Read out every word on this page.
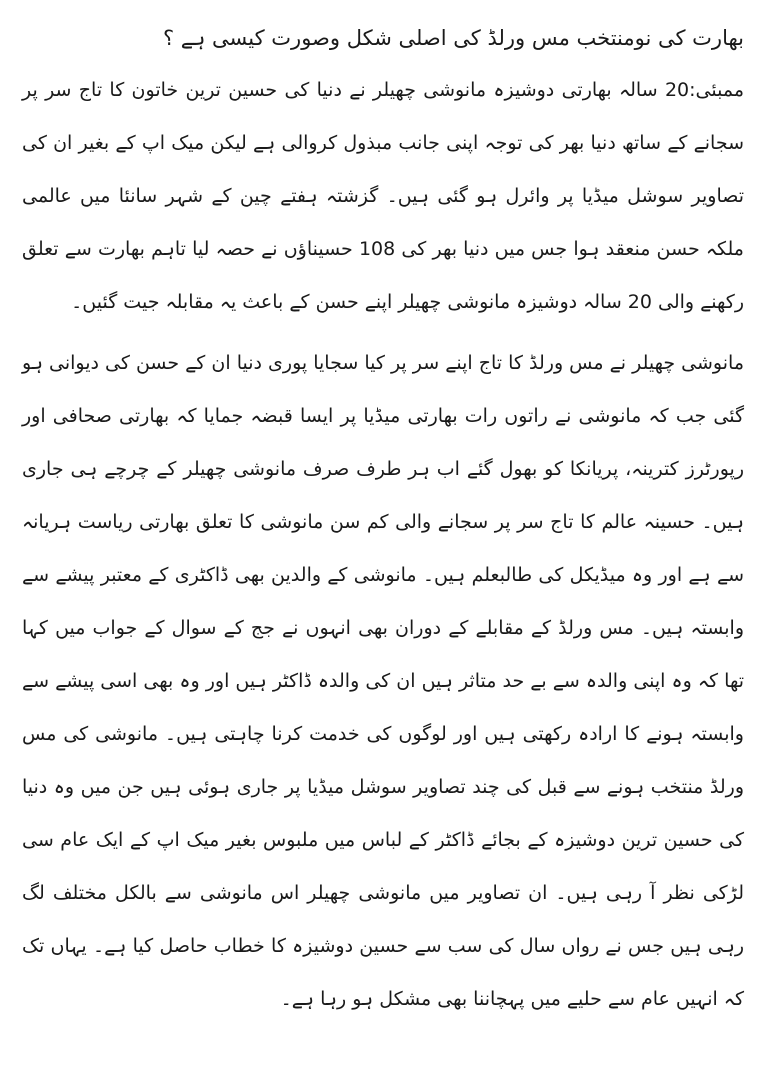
بھارت کی نومنتخب مس ورلڈ کی اصلی شکل وصورت کیسی ہے ؟

ممبئی:20 سالہ بھارتی دوشیزہ مانوشی چھیلر نے دنیا کی حسین ترین خاتون کا تاج سر پر سجانے کے ساتھ دنیا بھر کی توجہ اپنی جانب مبذول کروالی ہے لیکن میک اپ کے بغیر ان کی تصاویر سوشل میڈیا پر وائرل ہو گئی ہیں۔ گزشتہ ہفتے چین کے شہر سانئا میں عالمی ملکہ حسن منعقد ہوا جس میں دنیا بھر کی 108 حسیناؤں نے حصہ لیا تاہم بھارت سے تعلق رکھنے والی 20 سالہ دوشیزہ مانوشی چھیلر اپنے حسن کے باعث یہ مقابلہ جیت گئیں۔

مانوشی چھیلر نے مس ورلڈ کا تاج اپنے سر پر کیا سجایا پوری دنیا ان کے حسن کی دیوانی ہو گئی جب کہ مانوشی نے راتوں رات بھارتی میڈیا پر ایسا قبضہ جمایا کہ بھارتی صحافی اور رپورٹرز کترینہ، پریانکا کو بھول گئے اب ہر طرف صرف مانوشی چھیلر کے چرچے ہی جاری ہیں۔ حسینہ عالم کا تاج سر پر سجانے والی کم سن مانوشی کا تعلق بھارتی ریاست ہریانہ سے ہے اور وہ میڈیکل کی طالبعلم ہیں۔ مانوشی کے والدین بھی ڈاکٹری کے معتبر پیشے سے وابستہ ہیں۔ مس ورلڈ کے مقابلے کے دوران بھی انہوں نے جج کے سوال کے جواب میں کہا تھا کہ وہ اپنی والدہ سے بے حد متاثر ہیں ان کی والدہ ڈاکٹر ہیں اور وہ بھی اسی پیشے سے وابستہ ہونے کا ارادہ رکھتی ہیں اور لوگوں کی خدمت کرنا چاہتی ہیں۔ مانوشی کی مس ورلڈ منتخب ہونے سے قبل کی چند تصاویر سوشل میڈیا پر جاری ہوئی ہیں جن میں وہ دنیا کی حسین ترین دوشیزہ کے بجائے ڈاکٹر کے لباس میں ملبوس بغیر میک اپ کے ایک عام سی لڑکی نظر آ رہی ہیں۔ ان تصاویر میں مانوشی چھیلر اس مانوشی سے بالکل مختلف لگ رہی ہیں جس نے رواں سال کی سب سے حسین دوشیزہ کا خطاب حاصل کیا ہے۔ یہاں تک کہ انہیں عام سے حلیے میں پہچاننا بھی مشکل ہو رہا ہے۔
